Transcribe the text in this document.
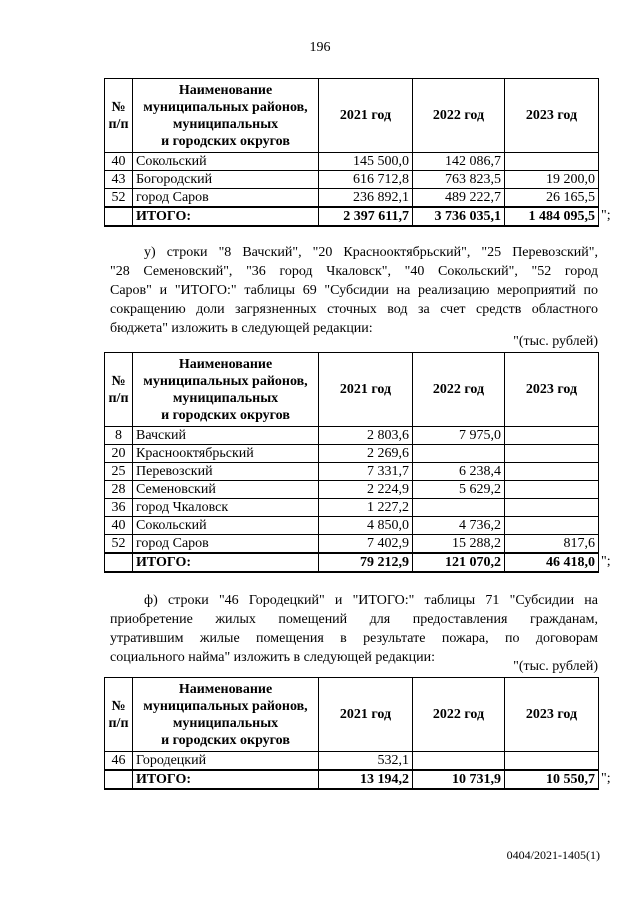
196
№ п/п	Наименование
муниципальных районов,
муниципальных
и городских округов	2021 год	2022 год	2023 год
40	Сокольский	145 500,0	142 086,7	
43	Богородский	616 712,8	763 823,5	19 200,0
52	город Саров	236 892,1	489 222,7	26 165,5
	ИТОГО:	2 397 611,7	3 736 035,1	1 484 095,5
у) строки "8 Вачский", "20 Краснооктябрьский", "25 Перевозский",
"28 Семеновский", "36 город Чкаловск", "40 Сокольский", "52 город
Саров" и "ИТОГО:" таблицы 69 "Субсидии на реализацию мероприятий по
сокращению доли загрязненных сточных вод за счет средств областного
бюджета" изложить в следующей редакции:
"(тыс. рублей)
№ п/п	Наименование
муниципальных районов,
муниципальных
и городских округов	2021 год	2022 год	2023 год
8	Вачский	2 803,6	7 975,0	
20	Краснооктябрьский	2 269,6		
25	Перевозский	7 331,7	6 238,4	
28	Семеновский	2 224,9	5 629,2	
36	город Чкаловск	1 227,2		
40	Сокольский	4 850,0	4 736,2	
52	город Саров	7 402,9	15 288,2	817,6
	ИТОГО:	79 212,9	121 070,2	46 418,0
ф) строки "46 Городецкий" и "ИТОГО:" таблицы 71 "Субсидии на
приобретение жилых помещений для предоставления гражданам,
утратившим жилые помещения в результате пожара, по договорам
социального найма" изложить в следующей редакции:
"(тыс. рублей)
№ п/п	Наименование
муниципальных районов,
муниципальных
и городских округов	2021 год	2022 год	2023 год
46	Городецкий	532,1		
	ИТОГО:	13 194,2	10 731,9	10 550,7
0404/2021-1405(1)
";
";
";
